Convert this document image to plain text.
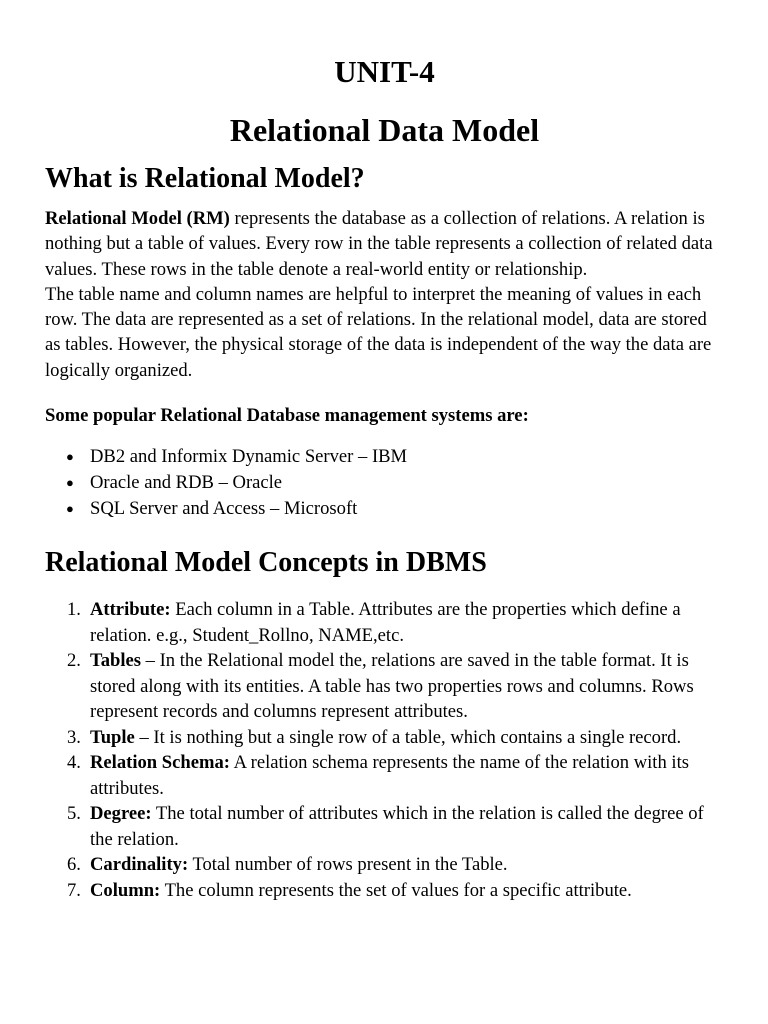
UNIT-4
Relational Data Model
What is Relational Model?

Relational Model (RM) represents the database as a collection of relations. A relation is nothing but a table of values. Every row in the table represents a collection of related data values. These rows in the table denote a real-world entity or relationship.

The table name and column names are helpful to interpret the meaning of values in each row. The data are represented as a set of relations. In the relational model, data are stored as tables. However, the physical storage of the data is independent of the way the data are logically organized.

Some popular Relational Database management systems are:

● DB2 and Informix Dynamic Server – IBM
● Oracle and RDB – Oracle
● SQL Server and Access – Microsoft
Relational Model Concepts in DBMS
1. Attribute: Each column in a Table. Attributes are the properties which define a relation. e.g., Student_Rollno, NAME,etc.
2. Tables – In the Relational model the, relations are saved in the table format. It is stored along with its entities. A table has two properties rows and columns. Rows represent records and columns represent attributes.
3. Tuple – It is nothing but a single row of a table, which contains a single record.
4. Relation Schema: A relation schema represents the name of the relation with its attributes.
5. Degree: The total number of attributes which in the relation is called the degree of the relation.
6. Cardinality: Total number of rows present in the Table.
7. Column: The column represents the set of values for a specific attribute.
